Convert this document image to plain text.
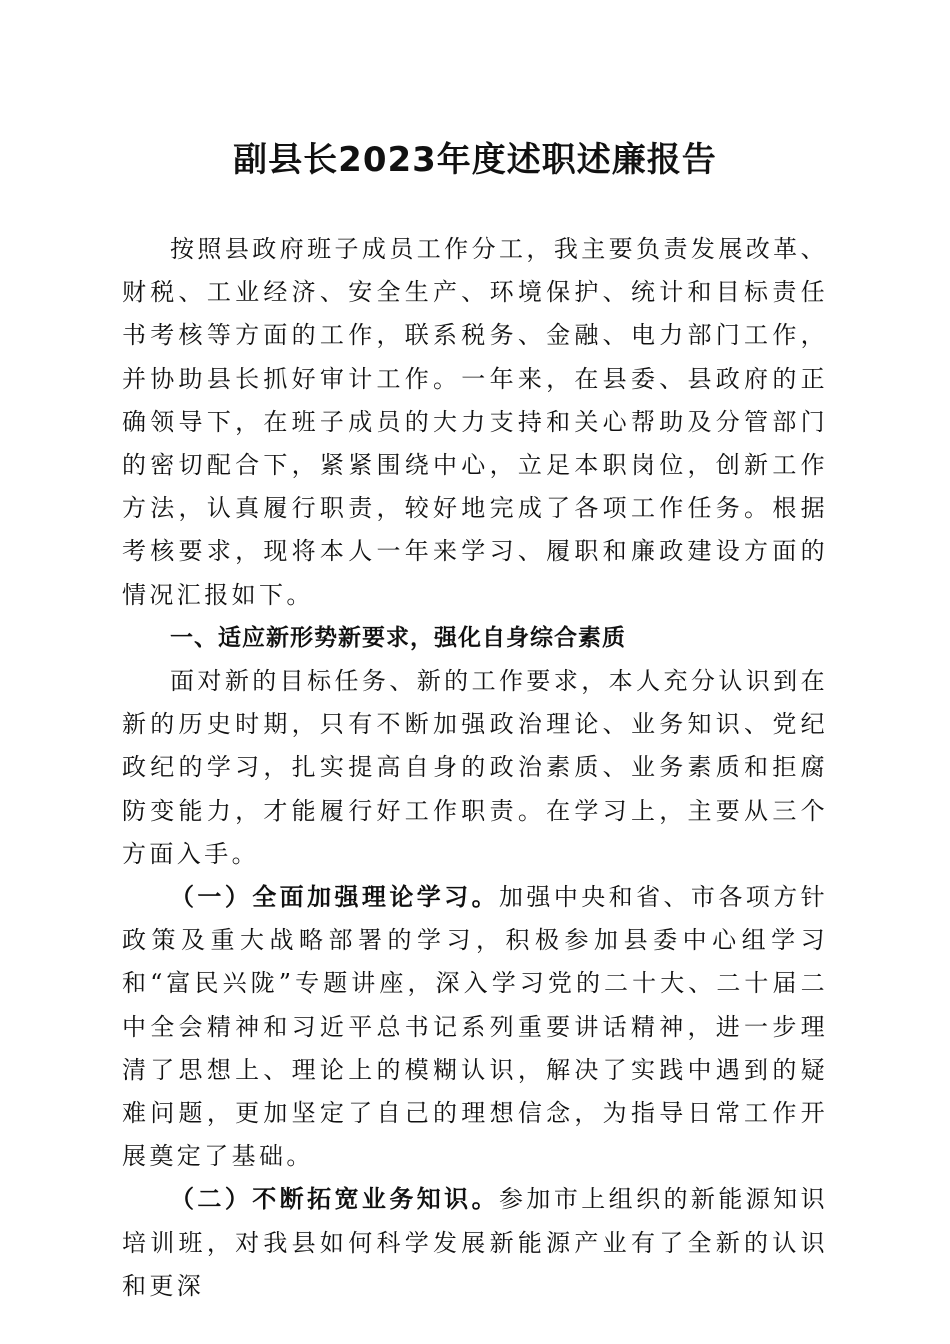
副县长2023年度述职述廉报告

按照县政府班子成员工作分工，我主要负责发展改革、财税、工业经济、安全生产、环境保护、统计和目标责任书考核等方面的工作，联系税务、金融、电力部门工作，并协助县长抓好审计工作。一年来，在县委、县政府的正确领导下，在班子成员的大力支持和关心帮助及分管部门的密切配合下，紧紧围绕中心，立足本职岗位，创新工作方法，认真履行职责，较好地完成了各项工作任务。根据考核要求，现将本人一年来学习、履职和廉政建设方面的情况汇报如下。

一、适应新形势新要求，强化自身综合素质

面对新的目标任务、新的工作要求，本人充分认识到在新的历史时期，只有不断加强政治理论、业务知识、党纪政纪的学习，扎实提高自身的政治素质、业务素质和拒腐防变能力，才能履行好工作职责。在学习上，主要从三个方面入手。

（一）全面加强理论学习。加强中央和省、市各项方针政策及重大战略部署的学习，积极参加县委中心组学习和“富民兴陇”专题讲座，深入学习党的二十大、二十届二中全会精神和习近平总书记系列重要讲话精神，进一步理清了思想上、理论上的模糊认识，解决了实践中遇到的疑难问题，更加坚定了自己的理想信念，为指导日常工作开展奠定了基础。

（二）不断拓宽业务知识。参加市上组织的新能源知识培训班，对我县如何科学发展新能源产业有了全新的认识和更深
